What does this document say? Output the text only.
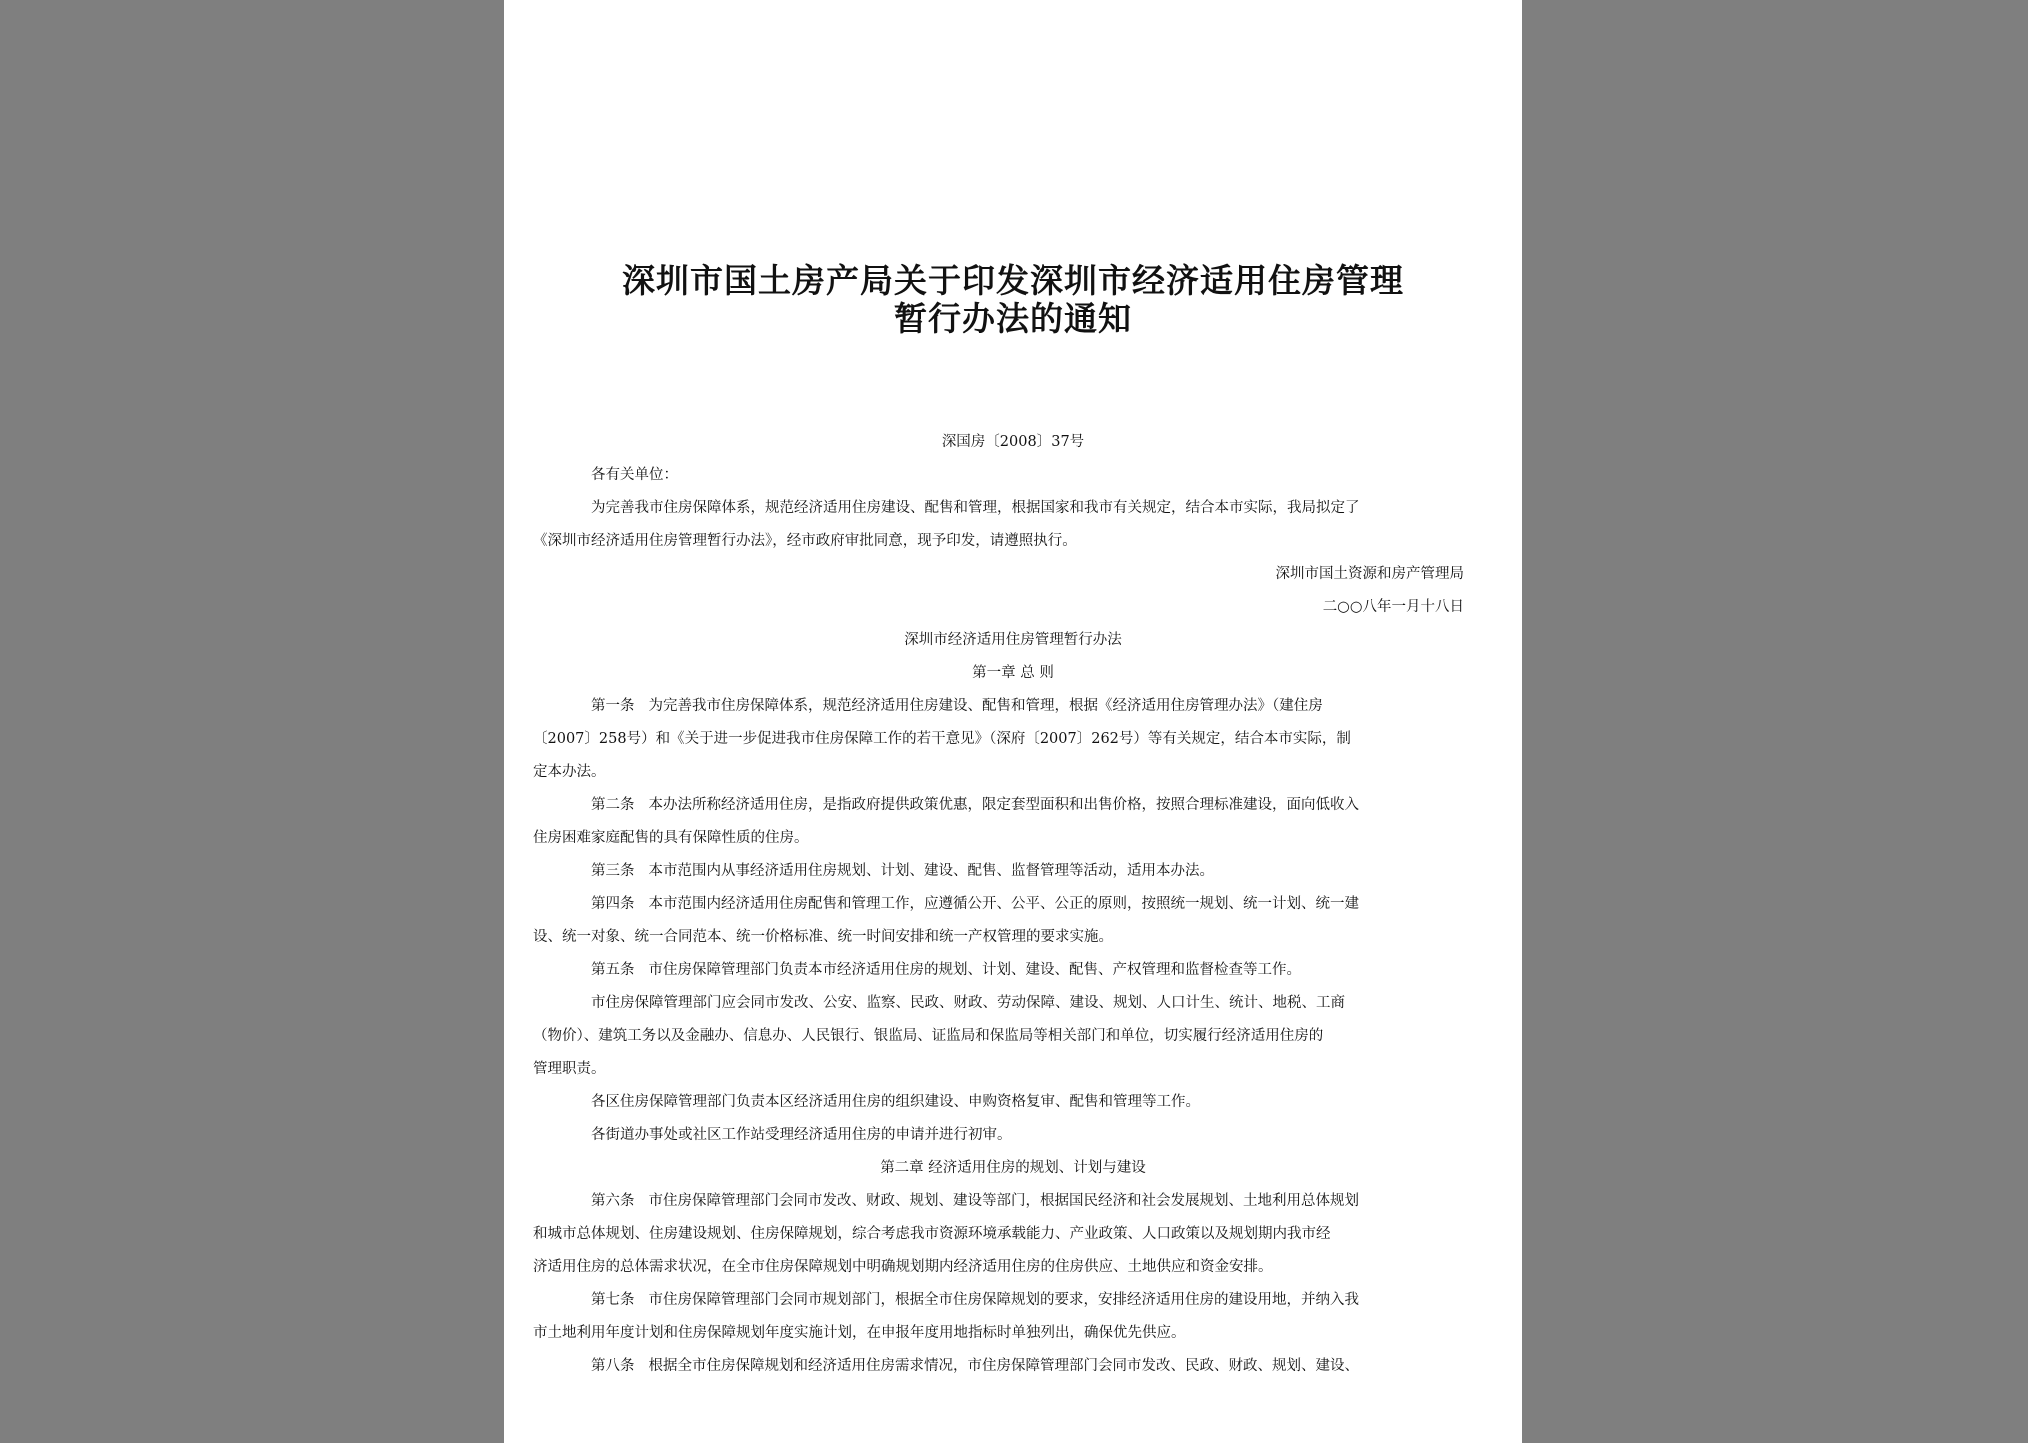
深圳市国土房产局关于印发深圳市经济适用住房管理
暂行办法的通知
深国房〔2008〕37号

各有关单位：

为完善我市住房保障体系，规范经济适用住房建设、配售和管理，根据国家和我市有关规定，结合本市实际，我局拟定了
《深圳市经济适用住房管理暂行办法》，经市政府审批同意，现予印发，请遵照执行。

深圳市国土资源和房产管理局

二○○八年一月十八日

深圳市经济适用住房管理暂行办法

第一章 总 则

第一条 为完善我市住房保障体系，规范经济适用住房建设、配售和管理，根据《经济适用住房管理办法》（建住房
〔2007〕258号）和《关于进一步促进我市住房保障工作的若干意见》（深府〔2007〕262号）等有关规定，结合本市实际，制
定本办法。

第二条 本办法所称经济适用住房，是指政府提供政策优惠，限定套型面积和出售价格，按照合理标准建设，面向低收入
住房困难家庭配售的具有保障性质的住房。

第三条 本市范围内从事经济适用住房规划、计划、建设、配售、监督管理等活动，适用本办法。

第四条 本市范围内经济适用住房配售和管理工作，应遵循公开、公平、公正的原则，按照统一规划、统一计划、统一建
设、统一对象、统一合同范本、统一价格标准、统一时间安排和统一产权管理的要求实施。

第五条 市住房保障管理部门负责本市经济适用住房的规划、计划、建设、配售、产权管理和监督检查等工作。

市住房保障管理部门应会同市发改、公安、监察、民政、财政、劳动保障、建设、规划、人口计生、统计、地税、工商
（物价）、建筑工务以及金融办、信息办、人民银行、银监局、证监局和保监局等相关部门和单位，切实履行经济适用住房的
管理职责。

各区住房保障管理部门负责本区经济适用住房的组织建设、申购资格复审、配售和管理等工作。

各街道办事处或社区工作站受理经济适用住房的申请并进行初审。

第二章 经济适用住房的规划、计划与建设

第六条 市住房保障管理部门会同市发改、财政、规划、建设等部门，根据国民经济和社会发展规划、土地利用总体规划
和城市总体规划、住房建设规划、住房保障规划，综合考虑我市资源环境承载能力、产业政策、人口政策以及规划期内我市经
济适用住房的总体需求状况，在全市住房保障规划中明确规划期内经济适用住房的住房供应、土地供应和资金安排。

第七条 市住房保障管理部门会同市规划部门，根据全市住房保障规划的要求，安排经济适用住房的建设用地，并纳入我
市土地利用年度计划和住房保障规划年度实施计划，在申报年度用地指标时单独列出，确保优先供应。

第八条 根据全市住房保障规划和经济适用住房需求情况，市住房保障管理部门会同市发改、民政、财政、规划、建设、
